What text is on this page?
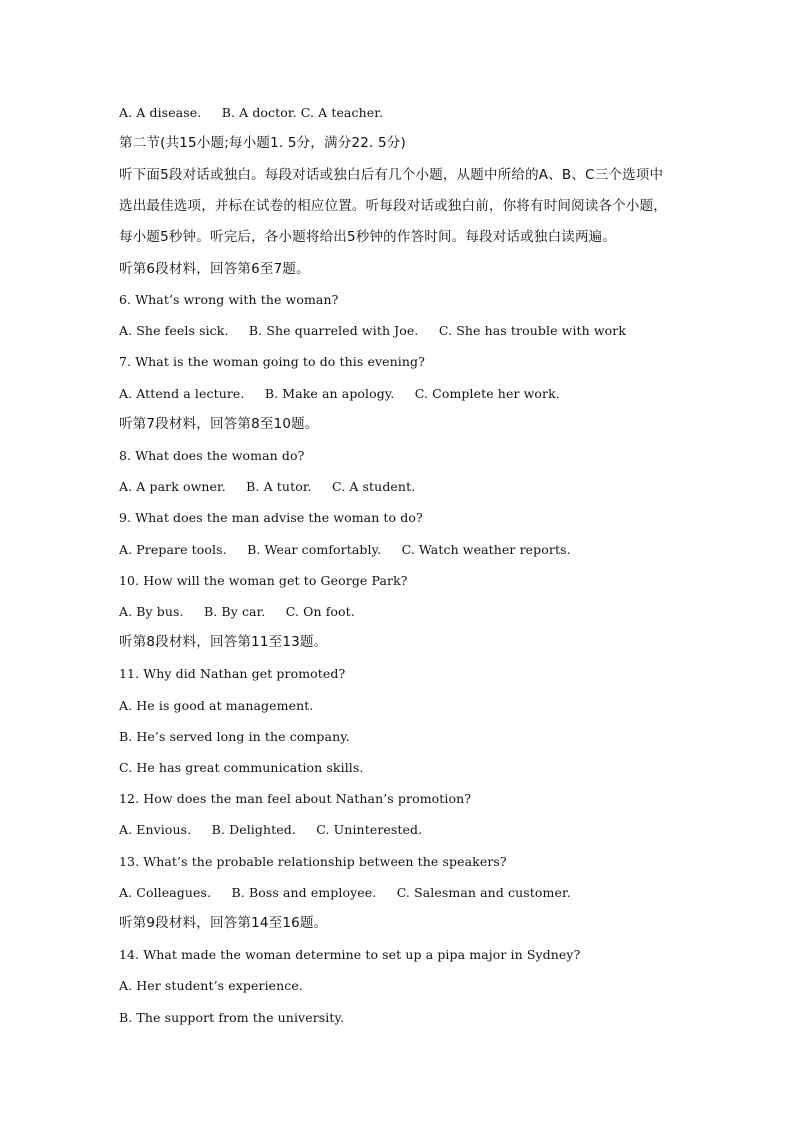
A. A disease.     B. A doctor. C. A teacher.
第二节(共15小题;每小题1. 5分，满分22. 5分)
听下面5段对话或独白。每段对话或独白后有几个小题，从题中所给的A、B、C三个选项中
选出最佳选项，并标在试卷的相应位置。听每段对话或独白前，你将有时间阅读各个小题，
每小题5秒钟。听完后，各小题将给出5秒钟的作答时间。每段对话或独白读两遍。
听第6段材料，回答第6至7题。
6. What’s wrong with the woman?
A. She feels sick.     B. She quarreled with Joe.     C. She has trouble with work
7. What is the woman going to do this evening?
A. Attend a lecture.     B. Make an apology.     C. Complete her work.
听第7段材料，回答第8至10题。
8. What does the woman do?
A. A park owner.     B. A tutor.     C. A student.
9. What does the man advise the woman to do?
A. Prepare tools.     B. Wear comfortably.     C. Watch weather reports.
10. How will the woman get to George Park?
A. By bus.     B. By car.     C. On foot.
听第8段材料，回答第11至13题。
11. Why did Nathan get promoted?
A. He is good at management.
B. He’s served long in the company.
C. He has great communication skills.
12. How does the man feel about Nathan’s promotion?
A. Envious.     B. Delighted.     C. Uninterested.
13. What’s the probable relationship between the speakers?
A. Colleagues.     B. Boss and employee.     C. Salesman and customer.
听第9段材料，回答第14至16题。
14. What made the woman determine to set up a pipa major in Sydney?
A. Her student’s experience.
B. The support from the university.
